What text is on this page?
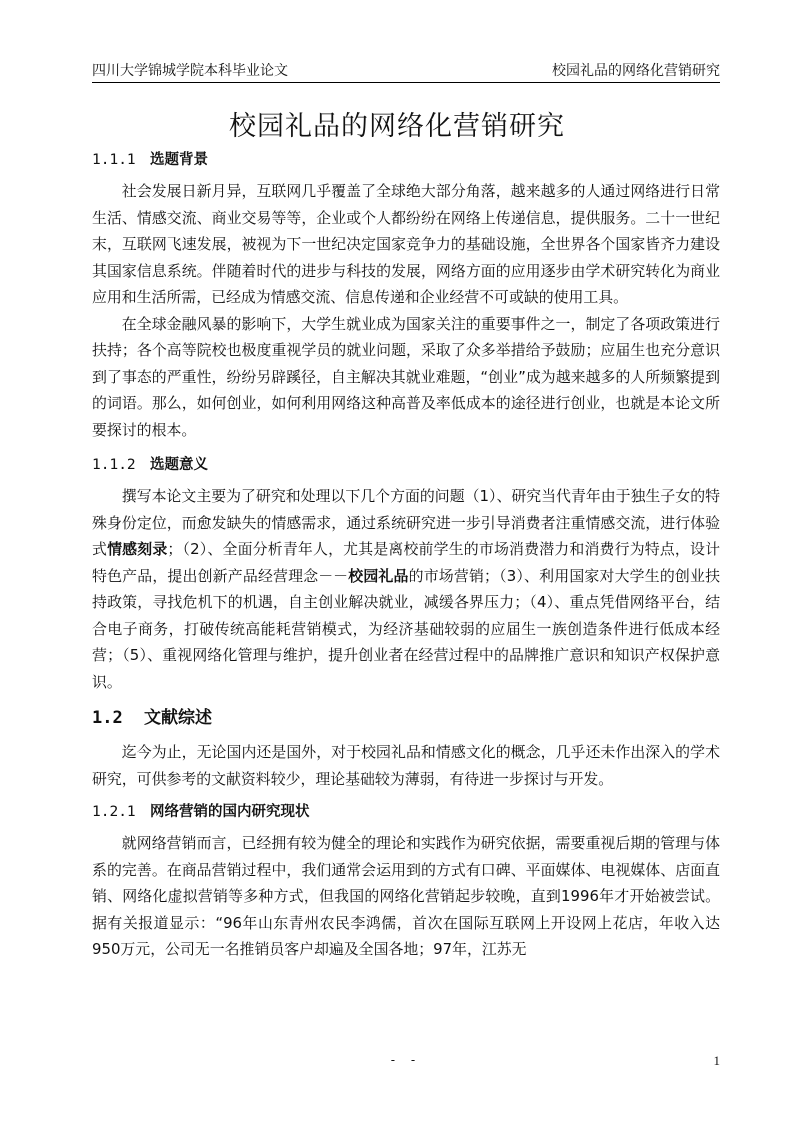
四川大学锦城学院本科毕业论文	校园礼品的网络化营销研究
校园礼品的网络化营销研究
1.1.1 选题背景

社会发展日新月异，互联网几乎覆盖了全球绝大部分角落，越来越多的人通过网络进行日常生活、情感交流、商业交易等等，企业或个人都纷纷在网络上传递信息，提供服务。二十一世纪末，互联网飞速发展，被视为下一世纪决定国家竞争力的基础设施，全世界各个国家皆齐力建设其国家信息系统。伴随着时代的进步与科技的发展，网络方面的应用逐步由学术研究转化为商业应用和生活所需，已经成为情感交流、信息传递和企业经营不可或缺的使用工具。

在全球金融风暴的影响下，大学生就业成为国家关注的重要事件之一，制定了各项政策进行扶持；各个高等院校也极度重视学员的就业问题，采取了众多举措给予鼓励；应届生也充分意识到了事态的严重性，纷纷另辟蹊径，自主解决其就业难题，“创业”成为越来越多的人所频繁提到的词语。那么，如何创业，如何利用网络这种高普及率低成本的途径进行创业，也就是本论文所要探讨的根本。

1.1.2 选题意义

撰写本论文主要为了研究和处理以下几个方面的问题（1）、研究当代青年由于独生子女的特殊身份定位，而愈发缺失的情感需求，通过系统研究进一步引导消费者注重情感交流，进行体验式情感刻录；（2）、全面分析青年人，尤其是离校前学生的市场消费潜力和消费行为特点，设计特色产品，提出创新产品经营理念－－校园礼品的市场营销；（3）、利用国家对大学生的创业扶持政策，寻找危机下的机遇，自主创业解决就业，减缓各界压力；（4）、重点凭借网络平台，结合电子商务，打破传统高能耗营销模式，为经济基础较弱的应届生一族创造条件进行低成本经营；（5）、重视网络化管理与维护，提升创业者在经营过程中的品牌推广意识和知识产权保护意识。

1.2 文献综述

迄今为止，无论国内还是国外，对于校园礼品和情感文化的概念，几乎还未作出深入的学术研究，可供参考的文献资料较少，理论基础较为薄弱，有待进一步探讨与开发。

1.2.1 网络营销的国内研究现状

就网络营销而言，已经拥有较为健全的理论和实践作为研究依据，需要重视后期的管理与体系的完善。在商品营销过程中，我们通常会运用到的方式有口碑、平面媒体、电视媒体、店面直销、网络化虚拟营销等多种方式，但我国的网络化营销起步较晚，直到1996年才开始被尝试。据有关报道显示：“96年山东青州农民李鸿儒，首次在国际互联网上开设网上花店，年收入达950万元，公司无一名推销员客户却遍及全国各地；97年，江苏无

- -	1
